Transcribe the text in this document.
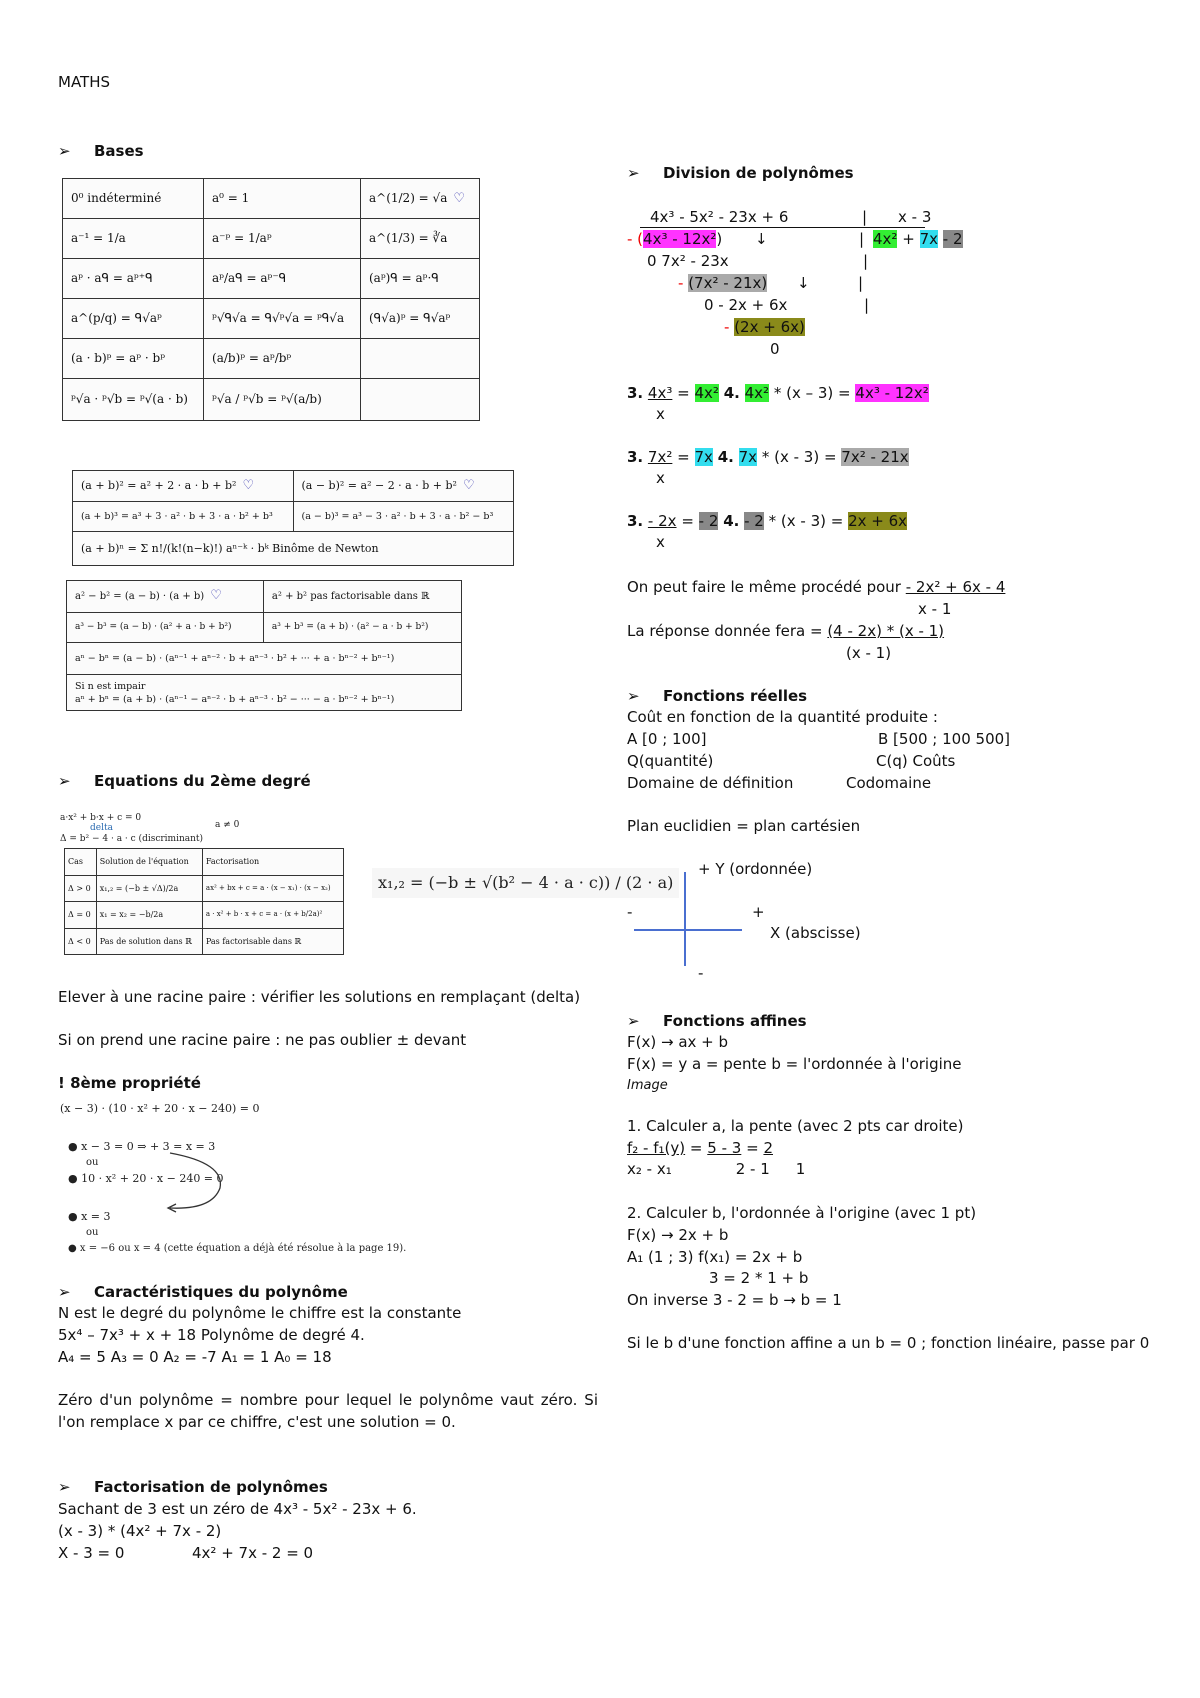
MATHS
➢ Bases
0⁰ indéterminé	a⁰ = 1	a^(1/2) = √a ♡
a⁻¹ = 1/a	a⁻ᵖ = 1/aᵖ	a^(1/3) = ∛a
aᵖ · aᑫ = aᵖ⁺ᑫ	aᵖ/aᑫ = aᵖ⁻ᑫ	(aᵖ)ᑫ = aᵖ·ᑫ
a^(p/q) = ᑫ√aᵖ	ᵖ√ᑫ√a = ᑫ√ᵖ√a = ᵖᑫ√a	(ᑫ√a)ᵖ = ᑫ√aᵖ
(a · b)ᵖ = aᵖ · bᵖ	(a/b)ᵖ = aᵖ/bᵖ	
ᵖ√a · ᵖ√b = ᵖ√(a · b)	ᵖ√a / ᵖ√b = ᵖ√(a/b)	
(a + b)² = a² + 2 · a · b + b² ♡	(a − b)² = a² − 2 · a · b + b² ♡
(a + b)³ = a³ + 3 · a² · b + 3 · a · b² + b³	(a − b)³ = a³ − 3 · a² · b + 3 · a · b² − b³
(a + b)ⁿ = Σ n!/(k!(n−k)!) aⁿ⁻ᵏ · bᵏ Binôme de Newton	
a² − b² = (a − b) · (a + b) ♡	a² + b² pas factorisable dans ℝ
a³ − b³ = (a − b) · (a² + a · b + b²)	a³ + b³ = (a + b) · (a² − a · b + b²)
aⁿ − bⁿ = (a − b) · (aⁿ⁻¹ + aⁿ⁻² · b + aⁿ⁻³ · b² + ··· + a · bⁿ⁻² + bⁿ⁻¹)	
Si n est impair
aⁿ + bⁿ = (a + b) · (aⁿ⁻¹ − aⁿ⁻² · b + aⁿ⁻³ · b² − ··· − a · bⁿ⁻² + bⁿ⁻¹)	
➢ Equations du 2ème degré
a·x² + b·x + c = 0
delta
Δ = b² − 4 · a · c (discriminant)
a ≠ 0
Cas	Solution de l'équation	Factorisation
Δ > 0	x₁,₂ = (−b ± √Δ)/2a	ax² + bx + c = a · (x − x₁) · (x − x₂)
Δ = 0	x₁ = x₂ = −b/2a	a · x² + b · x + c = a · (x + b/2a)²
Δ < 0	Pas de solution dans ℝ	Pas factorisable dans ℝ
x₁,₂ = (−b ± √(b² − 4 · a · c)) / (2 · a)
Elever à une racine paire : vérifier les solutions en remplaçant (delta)
Si on prend une racine paire : ne pas oublier ± devant
! 8ème propriété
(x − 3) · (10 · x² + 20 · x − 240) = 0
● x − 3 = 0 ⇒ + 3 = x = 3
ou
● 10 · x² + 20 · x − 240 = 0
● x = 3
ou
● x = −6 ou x = 4 (cette équation a déjà été résolue à la page 19).
➢ Caractéristiques du polynôme
N est le degré du polynôme le chiffre est la constante
5x⁴ – 7x³ + x + 18 Polynôme de degré 4.
A₄ = 5 A₃ = 0 A₂ = -7 A₁ = 1 A₀ = 18
Zéro d'un polynôme = nombre pour lequel le polynôme vaut zéro. Si l'on remplace x par ce chiffre, c'est une solution = 0.
➢ Factorisation de polynômes
Sachant de 3 est un zéro de 4x³ - 5x² - 23x + 6.
(x - 3) * (4x² + 7x - 2)
X - 3 = 0	4x² + 7x - 2 = 0
➢ Division de polynômes
4x³ - 5x² - 23x + 6	| x - 3
- (4x³ - 12x²) ↓	| 4x² + 7x - 2
0 7x² - 23x	|
- (7x² - 21x) ↓	|
0 - 2x + 6x	|
- (2x + 6x)
0
3. 4x³ = 4x² 4. 4x² * (x – 3) = 4x³ - 12x²
x
3. 7x² = 7x 4. 7x * (x - 3) = 7x² - 21x
x
3. - 2x = - 2 4. - 2 * (x - 3) = 2x + 6x
x
On peut faire le même procédé pour - 2x² + 6x - 4
x - 1
La réponse donnée fera = (4 - 2x) * (x - 1)
(x - 1)
➢ Fonctions réelles
Coût en fonction de la quantité produite :
A [0 ; 100]	B [500 ; 100 500]
Q(quantité)	C(q) Coûts
Domaine de définition	Codomaine
Plan euclidien = plan cartésien
+ Y (ordonnée)
-	+
X (abscisse)
-
➢ Fonctions affines
F(x) → ax + b
F(x) = y a = pente b = l'ordonnée à l'origine
Image
1. Calculer a, la pente (avec 2 pts car droite)
f₂ - f₁(y) = 5 - 3 = 2
x₂ - x₁	2 - 1 1
2. Calculer b, l'ordonnée à l'origine (avec 1 pt)
F(x) → 2x + b
A₁ (1 ; 3) f(x₁) = 2x + b
3 = 2 * 1 + b
On inverse 3 - 2 = b → b = 1
Si le b d'une fonction affine a un b = 0 ; fonction linéaire, passe par 0
